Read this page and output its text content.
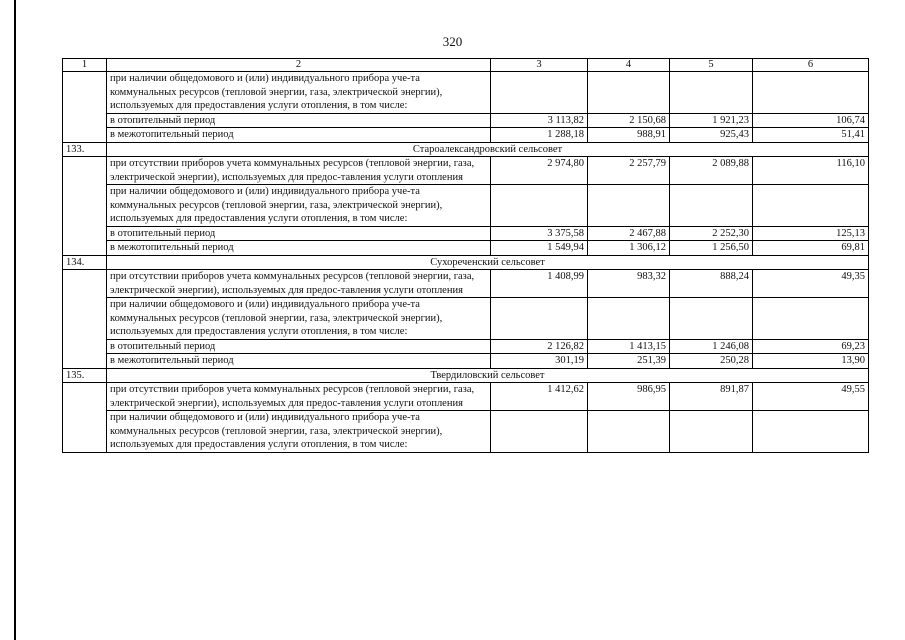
320
1	2	3	4	5	6
	при наличии общедомового и (или) индивидуального прибора уче-та коммунальных ресурсов (тепловой энергии, газа, электрической энергии), используемых для предоставления услуги отопления, в том числе:				
	в отопительный период	3 113,82	2 150,68	1 921,23	106,74
	в межотопительный период	1 288,18	988,91	925,43	51,41
133.	Староалександровский сельсовет				
	при отсутствии приборов учета коммунальных ресурсов (тепловой энергии, газа, электрической энергии), используемых для предос-тавления услуги отопления	2 974,80	2 257,79	2 089,88	116,10
	при наличии общедомового и (или) индивидуального прибора уче-та коммунальных ресурсов (тепловой энергии, газа, электрической энергии), используемых для предоставления услуги отопления, в том числе:				
	в отопительный период	3 375,58	2 467,88	2 252,30	125,13
	в межотопительный период	1 549,94	1 306,12	1 256,50	69,81
134.	Сухореченский сельсовет				
	при отсутствии приборов учета коммунальных ресурсов (тепловой энергии, газа, электрической энергии), используемых для предос-тавления услуги отопления	1 408,99	983,32	888,24	49,35
	при наличии общедомового и (или) индивидуального прибора уче-та коммунальных ресурсов (тепловой энергии, газа, электрической энергии), используемых для предоставления услуги отопления, в том числе:				
	в отопительный период	2 126,82	1 413,15	1 246,08	69,23
	в межотопительный период	301,19	251,39	250,28	13,90
135.	Твердиловский сельсовет				
	при отсутствии приборов учета коммунальных ресурсов (тепловой энергии, газа, электрической энергии), используемых для предос-тавления услуги отопления	1 412,62	986,95	891,87	49,55
	при наличии общедомового и (или) индивидуального прибора уче-та коммунальных ресурсов (тепловой энергии, газа, электрической энергии), используемых для предоставления услуги отопления, в том числе:				
